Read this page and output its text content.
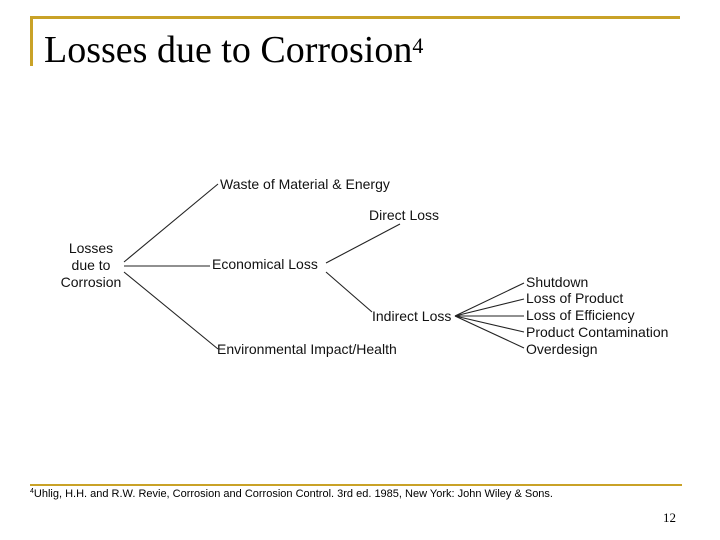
Losses due to Corrosion$^4$
Losses
due to
Corrosion
Waste of Material & Energy
Economical Loss
Environmental Impact/Health
Direct Loss
Indirect Loss
Shutdown
Loss of Product
Loss of Efficiency
Product Contamination
Overdesign
$^4$Uhlig, H.H. and R.W. Revie, Corrosion and Corrosion Control. 3rd ed. 1985, New York: John Wiley & Sons.
12
